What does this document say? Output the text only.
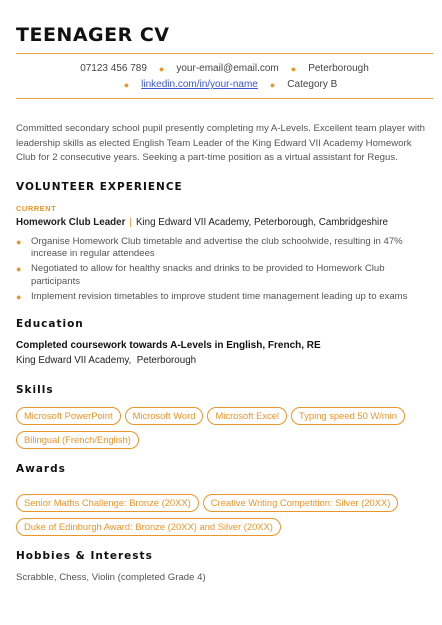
TEENAGER CV
07123 456 789 ● your-email@email.com ● Peterborough
● linkedin.com/in/your-name ● Category B
Committed secondary school pupil presently completing my A-Levels. Excellent team player with leadership skills as elected English Team Leader of the King Edward VII Academy Homework Club for 2 consecutive years. Seeking a part-time position as a virtual assistant for Regus.
VOLUNTEER EXPERIENCE
CURRENT
Homework Club Leader | King Edward VII Academy, Peterborough, Cambridgeshire
● Organise Homework Club timetable and advertise the club schoolwide, resulting in 47% increase in regular attendees
● Negotiated to allow for healthy snacks and drinks to be provided to Homework Club participants
● Implement revision timetables to improve student time management leading up to exams
Education
Completed coursework towards A-Levels in English, French, RE
King Edward VII Academy,  Peterborough
Skills
Microsoft PowerPoint Microsoft Word Microsoft Excel Typing speed 50 W/minBilingual (French/English)
Awards
Senior Maths Challenge: Bronze (20XX) Creative Writing Competition: Silver (20XX)Duke of Edinburgh Award: Bronze (20XX) and Silver (20XX)
Hobbies & Interests
Scrabble, Chess, Violin (completed Grade 4)
